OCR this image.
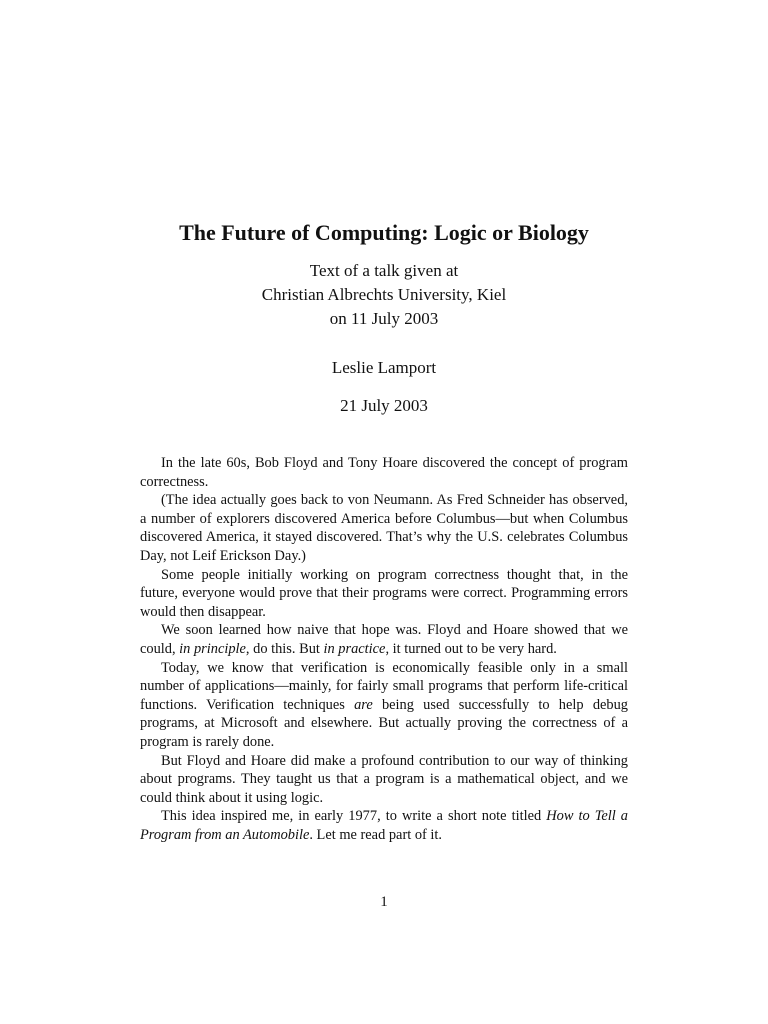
The Future of Computing: Logic or Biology
Text of a talk given at
Christian Albrechts University, Kiel
on 11 July 2003
Leslie Lamport
21 July 2003

In the late 60s, Bob Floyd and Tony Hoare discovered the concept of program correctness.

(The idea actually goes back to von Neumann. As Fred Schneider has observed, a number of explorers discovered America before Columbus—but when Columbus discovered America, it stayed discovered. That’s why the U.S. celebrates Columbus Day, not Leif Erickson Day.)

Some people initially working on program correctness thought that, in the future, everyone would prove that their programs were correct. Programming errors would then disappear.

We soon learned how naive that hope was. Floyd and Hoare showed that we could, in principle, do this. But in practice, it turned out to be very hard.

Today, we know that verification is economically feasible only in a small number of applications—mainly, for fairly small programs that perform life-critical functions. Verification techniques are being used successfully to help debug programs, at Microsoft and elsewhere. But actually proving the correctness of a program is rarely done.

But Floyd and Hoare did make a profound contribution to our way of thinking about programs. They taught us that a program is a mathematical object, and we could think about it using logic.

This idea inspired me, in early 1977, to write a short note titled How to Tell a Program from an Automobile. Let me read part of it.

1
